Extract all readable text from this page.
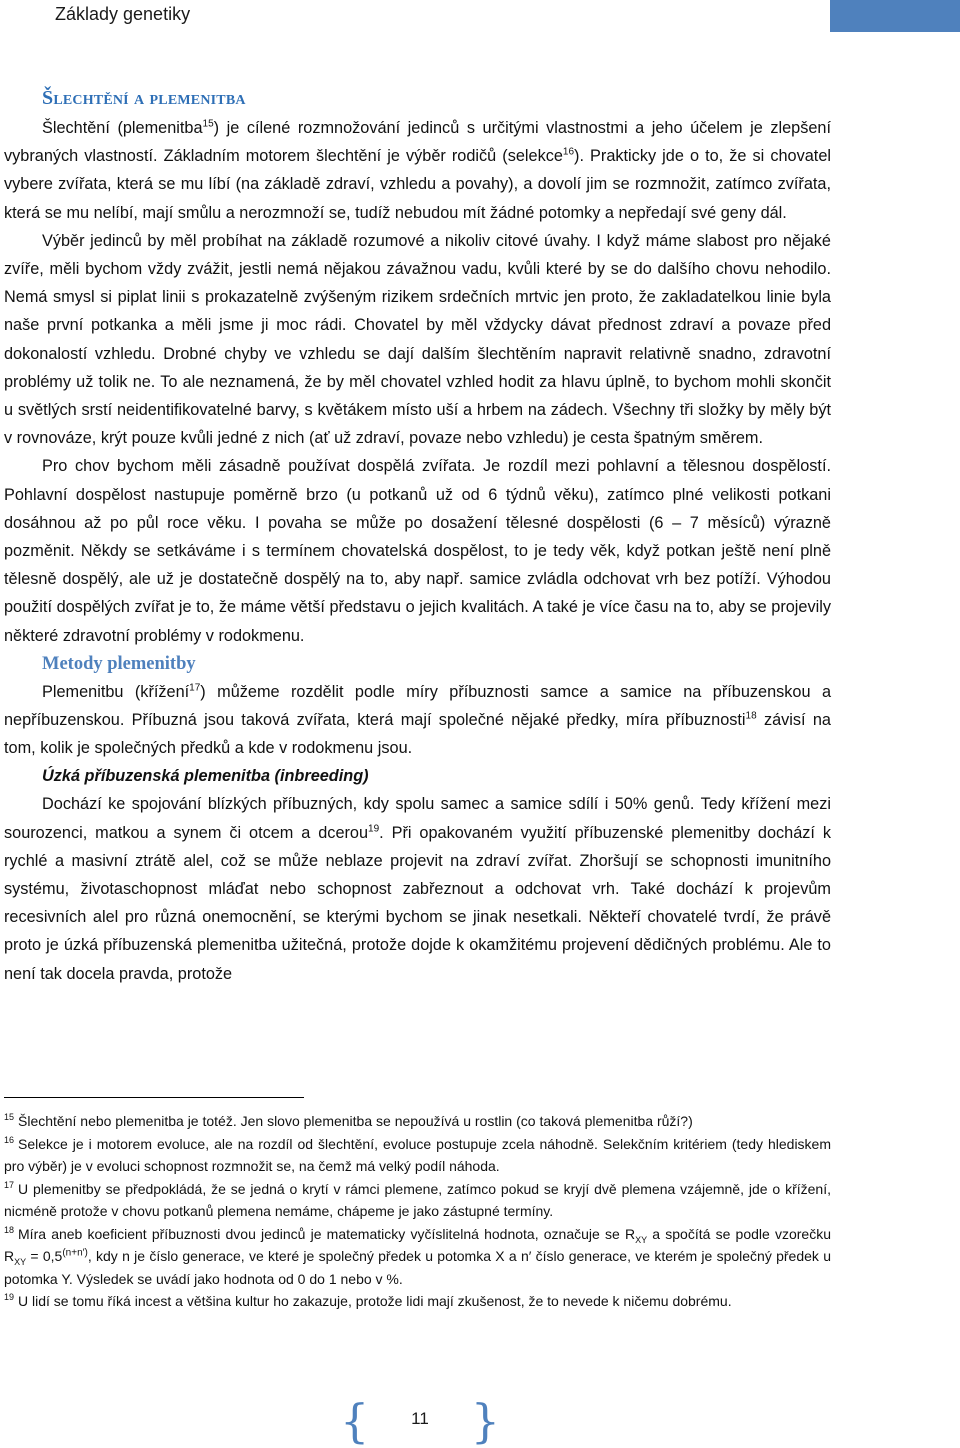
Základy genetiky
Šlechtění a plemenitba

Šlechtění (plemenitba$^{15}$) je cílené rozmnožování jedinců s určitými vlastnostmi a jeho účelem je zlepšení vybraných vlastností. Základním motorem šlechtění je výběr rodičů (selekce$^{16}$). Prakticky jde o to, že si chovatel vybere zvířata, která se mu líbí (na základě zdraví, vzhledu a povahy), a dovolí jim se rozmnožit, zatímco zvířata, která se mu nelíbí, mají smůlu a nerozmnoží se, tudíž nebudou mít žádné potomky a nepředají své geny dál.

Výběr jedinců by měl probíhat na základě rozumové a nikoliv citové úvahy. I když máme slabost pro nějaké zvíře, měli bychom vždy zvážit, jestli nemá nějakou závažnou vadu, kvůli které by se do dalšího chovu nehodilo. Nemá smysl si piplat linii s prokazatelně zvýšeným rizikem srdečních mrtvic jen proto, že zakladatelkou linie byla naše první potkanka a měli jsme ji moc rádi. Chovatel by měl vždycky dávat přednost zdraví a povaze před dokonalostí vzhledu. Drobné chyby ve vzhledu se dají dalším šlechtěním napravit relativně snadno, zdravotní problémy už tolik ne. To ale neznamená, že by měl chovatel vzhled hodit za hlavu úplně, to bychom mohli skončit u světlých srstí neidentifikovatelné barvy, s květákem místo uší a hrbem na zádech. Všechny tři složky by měly být v rovnováze, krýt pouze kvůli jedné z nich (ať už zdraví, povaze nebo vzhledu) je cesta špatným směrem.

Pro chov bychom měli zásadně používat dospělá zvířata. Je rozdíl mezi pohlavní a tělesnou dospělostí. Pohlavní dospělost nastupuje poměrně brzo (u potkanů už od 6 týdnů věku), zatímco plné velikosti potkani dosáhnou až po půl roce věku. I povaha se může po dosažení tělesné dospělosti (6 – 7 měsíců) výrazně pozměnit. Někdy se setkáváme i s termínem chovatelská dospělost, to je tedy věk, když potkan ještě není plně tělesně dospělý, ale už je dostatečně dospělý na to, aby např. samice zvládla odchovat vrh bez potíží. Výhodou použití dospělých zvířat je to, že máme větší představu o jejich kvalitách. A také je více času na to, aby se projevily některé zdravotní problémy v rodokmenu.

Metody plemenitby

Plemenitbu (křížení$^{17}$) můžeme rozdělit podle míry příbuznosti samce a samice na příbuzenskou a nepříbuzenskou. Příbuzná jsou taková zvířata, která mají společné nějaké předky, míra příbuznosti$^{18}$ závisí na tom, kolik je společných předků a kde v rodokmenu jsou.

Úzká příbuzenská plemenitba (inbreeding)

Dochází ke spojování blízkých příbuzných, kdy spolu samec a samice sdílí i 50% genů. Tedy křížení mezi sourozenci, matkou a synem či otcem a dcerou$^{19}$. Při opakovaném využití příbuzenské plemenitby dochází k rychlé a masivní ztrátě alel, což se může neblaze projevit na zdraví zvířat. Zhoršují se schopnosti imunitního systému, životaschopnost mláďat nebo schopnost zabřeznout a odchovat vrh. Také dochází k projevům recesivních alel pro různá onemocnění, se kterými bychom se jinak nesetkali. Někteří chovatelé tvrdí, že právě proto je úzká příbuzenská plemenitba užitečná, protože dojde k okamžitému projevení dědičných problému. Ale to není tak docela pravda, protože

$^{15}$ Šlechtění nebo plemenitba je totéž. Jen slovo plemenitba se nepoužívá u rostlin (co taková plemenitba růží?)

$^{16}$ Selekce je i motorem evoluce, ale na rozdíl od šlechtění, evoluce postupuje zcela náhodně. Selekčním kritériem (tedy hlediskem pro výběr) je v evoluci schopnost rozmnožit se, na čemž má velký podíl náhoda.

$^{17}$ U plemenitby se předpokládá, že se jedná o krytí v rámci plemene, zatímco pokud se kryjí dvě plemena vzájemně, jde o křížení, nicméně protože v chovu potkanů plemena nemáme, chápeme je jako zástupné termíny.

$^{18}$ Míra aneb koeficient příbuznosti dvou jedinců je matematicky vyčíslitelná hodnota, označuje se $R_{XY}$ a spočítá se podle vzorečku $R_{XY} = 0,5^{(n+n')}$, kdy n je číslo generace, ve které je společný předek u potomka X a n′ číslo generace, ve kterém je společný předek u potomka Y. Výsledek se uvádí jako hodnota od 0 do 1 nebo v %.

$^{19}$ U lidí se tomu říká incest a většina kultur ho zakazuje, protože lidi mají zkušenost, že to nevede k ničemu dobrému.

{	11 }
